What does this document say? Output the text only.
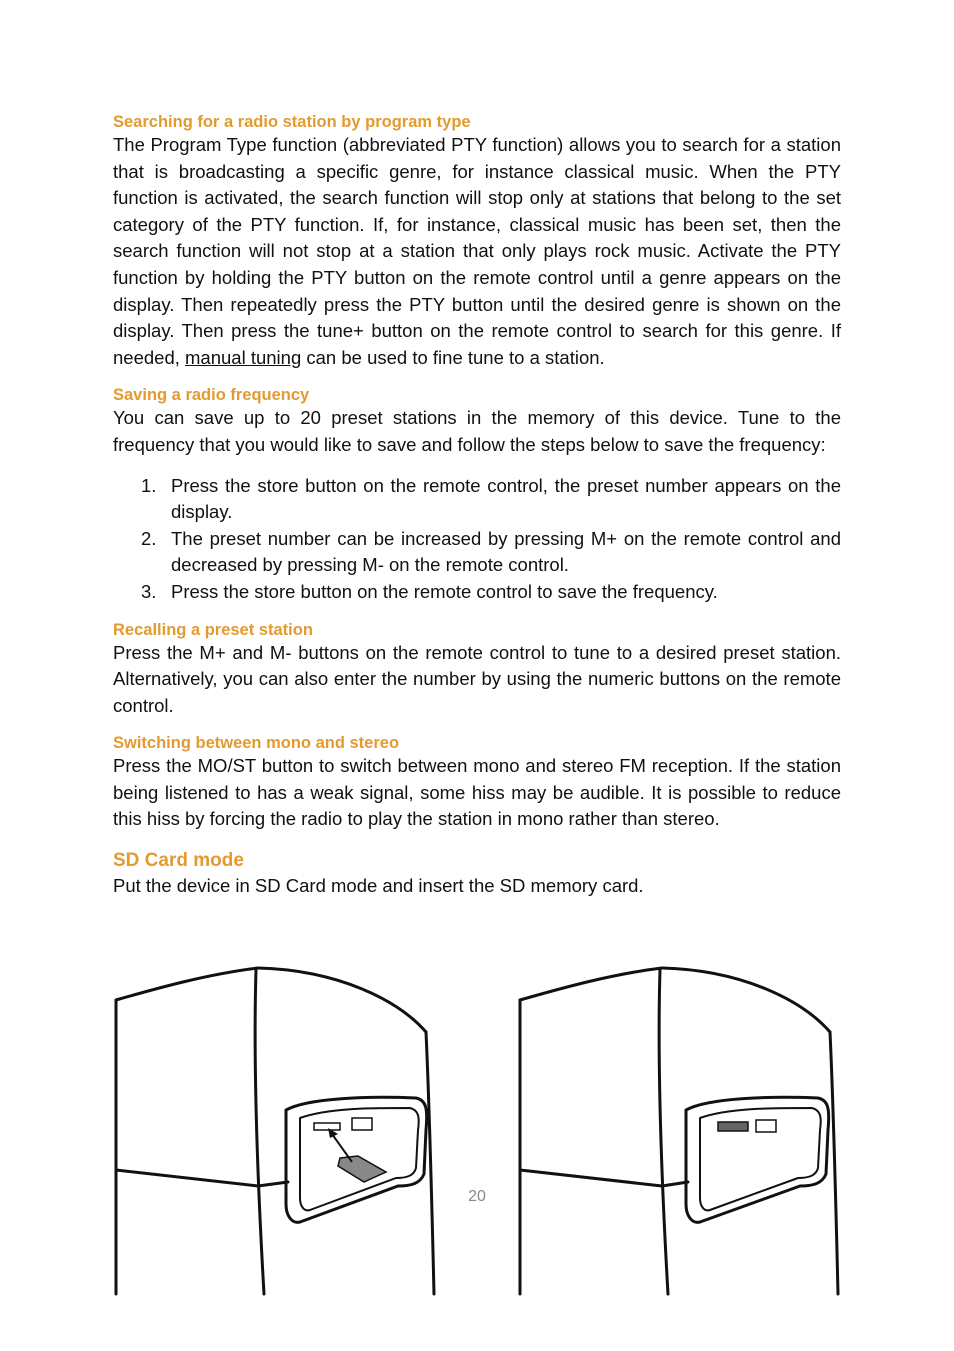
Searching for a radio station by program type

The Program Type function (abbreviated PTY function) allows you to search for a station that is broadcasting a specific genre, for instance classical music. When the PTY function is activated, the search function will stop only at stations that belong to the set category of the PTY function. If, for instance, classical music has been set, then the search function will not stop at a station that only plays rock music. Activate the PTY function by holding the PTY button on the remote control until a genre appears on the display. Then repeatedly press the PTY button until the desired genre is shown on the display. Then press the tune+ button on the remote control to search for this genre. If needed, manual tuning can be used to fine tune to a station.

Saving a radio frequency

You can save up to 20 preset stations in the memory of this device. Tune to the frequency that you would like to save and follow the steps below to save the frequency:

1. Press the store button on the remote control, the preset number appears on the display.
2. The preset number can be increased by pressing M+ on the remote control and decreased by pressing M- on the remote control.
3. Press the store button on the remote control to save the frequency.
Recalling a preset station

Press the M+ and M- buttons on the remote control to tune to a desired preset station. Alternatively, you can also enter the number by using the numeric buttons on the remote control.

Switching between mono and stereo

Press the MO/ST button to switch between mono and stereo FM reception. If the station being listened to has a weak signal, some hiss may be audible. It is possible to reduce this hiss by forcing the radio to play the station in mono rather than stereo.

SD Card mode

Put the device in SD Card mode and insert the SD memory card.

20
